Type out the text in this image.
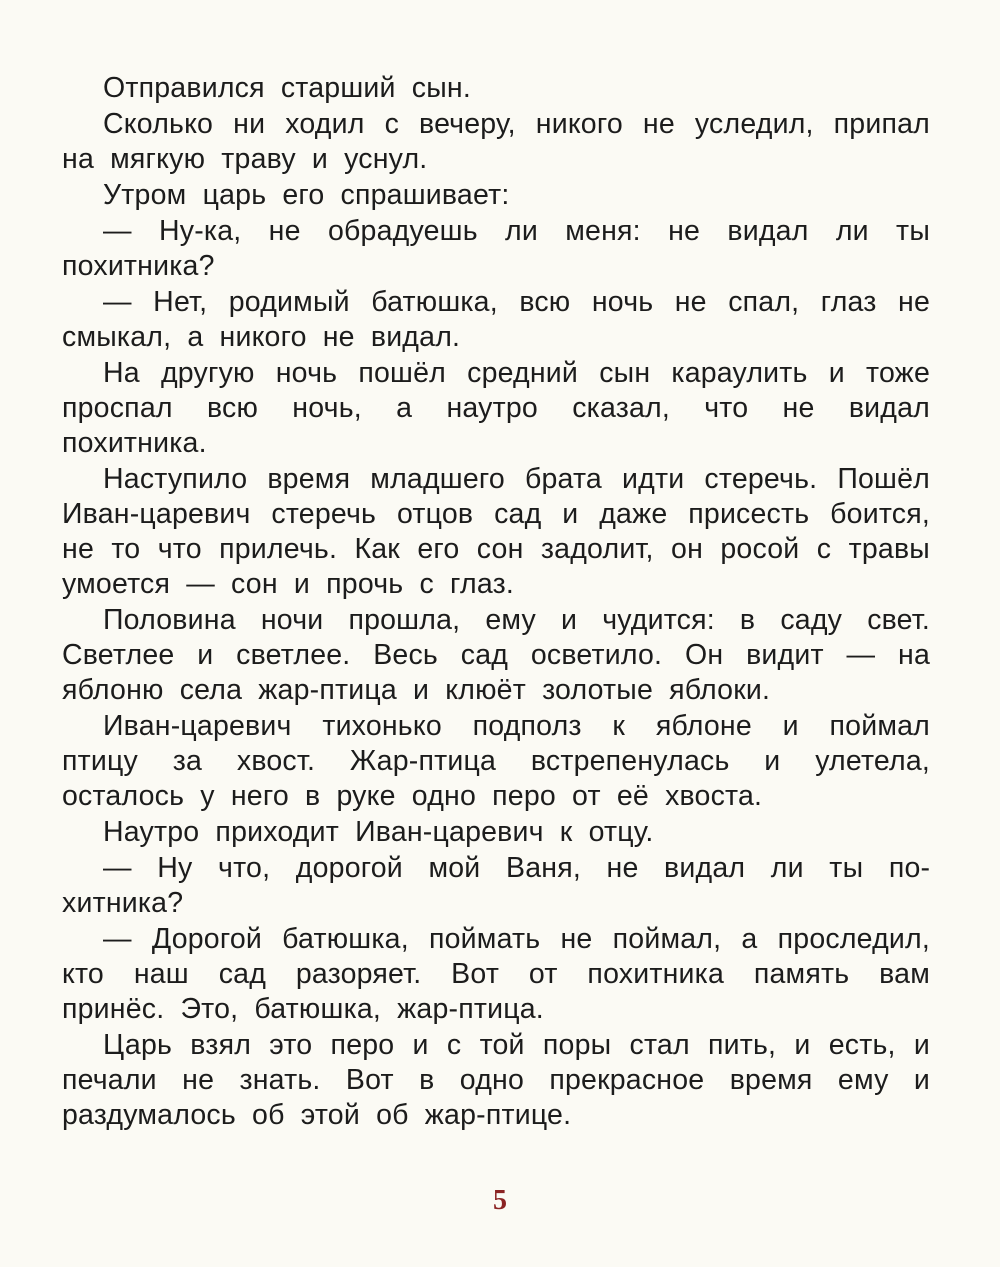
Отправился старший сын.

Сколько ни ходил с вечеру, никого не уследил, припал на мягкую траву и уснул.

Утром царь его спрашивает:

— Ну-ка, не обрадуешь ли меня: не видал ли ты похитника?

— Нет, родимый батюшка, всю ночь не спал, глаз не смыкал, а никого не видал.

На другую ночь пошёл средний сын караулить и тоже проспал всю ночь, а наутро сказал, что не видал похитника.

Наступило время младшего брата идти стеречь. Пошёл Иван-царевич стеречь отцов сад и даже присесть боится, не то что прилечь. Как его сон задолит, он росой с травы умоется — сон и прочь с глаз.

Половина ночи прошла, ему и чудится: в саду свет. Светлее и светлее. Весь сад осветило. Он видит — на яблоню села жар-птица и клюёт золотые яблоки.

Иван-царевич тихонько подполз к яблоне и поймал птицу за хвост. Жар-птица встрепенулась и улетела, осталось у него в руке одно перо от её хвоста.

Наутро приходит Иван-царевич к отцу.

— Ну что, дорогой мой Ваня, не видал ли ты похитника?

— Дорогой батюшка, поймать не поймал, а проследил, кто наш сад разоряет. Вот от похитника память вам принёс. Это, батюшка, жар-птица.

Царь взял это перо и с той поры стал пить, и есть, и печали не знать. Вот в одно прекрасное время ему и раздумалось об этой об жар-птице.

5
